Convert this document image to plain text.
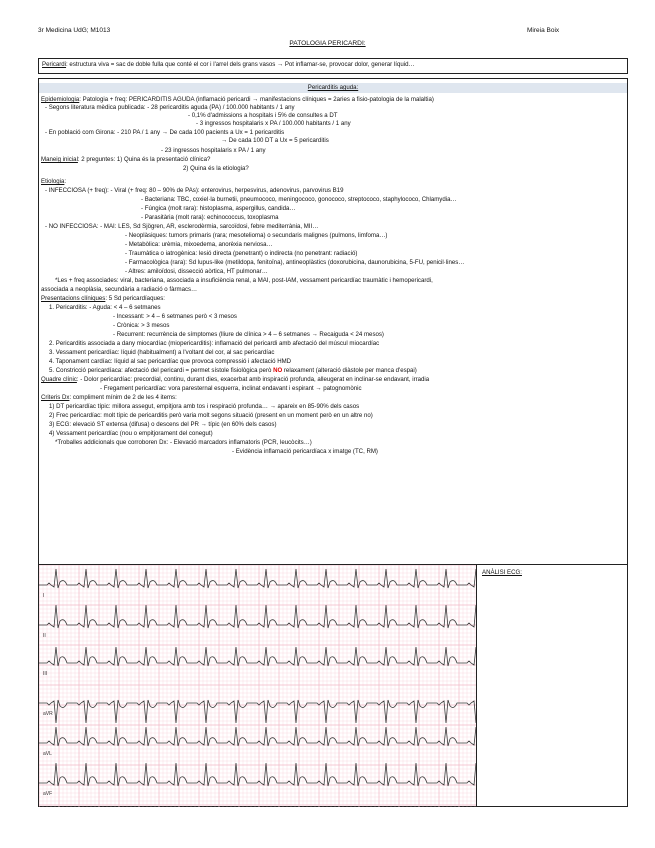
3r Medicina UdG; M1013	Mireia Boix
PATOLOGIA PERICARDI:
Pericardi: estructura viva = sac de doble fulla que conté el cor i l'arrel dels grans vasos → Pot inflamar-se, provocar dolor, generar líquid…
Pericarditis aguda:
Epidemiologia: Patologia + freq: PERICARDITIS AGUDA (inflamació pericardi → manifestacions clíniques = 2aries a fisio-patologia de la malaltia)
- Segons literatura mèdica publicada: - 28 pericarditis aguda (PA) / 100.000 habitants / 1 any
- 0,1% d'admissions a hospitals i 5% de consultes a DT
- 3 ingressos hospitalaris x PA / 100.000 habitants / 1 any
- En població com Girona: - 210 PA / 1 any → De cada 100 pacients a Ux = 1 pericarditis
→ De cada 100 DT a Ux = 5 pericarditis
- 23 ingressos hospitalaris x PA / 1 any
Maneig inicial: 2 preguntes: 1) Quina és la presentació clínica?
2) Quina és la etiologia?
Etiologia:
- INFECCIOSA (+ freq): - Viral (+ freq: 80 – 90% de PAs): enterovirus, herpesvirus, adenovirus, parvovirus B19
- Bacteriana: TBC, coxiel·la burnetii, pneumococo, meningococo, gonococo, streptococo, staphylococo, Chlamydia…
- Fúngica (molt rara): histoplasma, aspergillus, candida…
- Parasitària (molt rara): echinococcus, toxoplasma
- NO INFECCIOSA: - MAI: LES, Sd Sjögren, AR, esclerodèrmia, sarcoïdosi, febre mediterrània, MII…
- Neoplàsiques: tumors primaris (rara; mesotelioma) o secundaris malignes (pulmons, limfoma…)
- Metabòlica: urèmia, mixoedema, anorèxia nerviosa…
- Traumàtica o iatrogènica: lesió directa (penetrant) o indirecta (no penetrant: radiació)
- Farmacològica (rara): Sd lupus-like (metildopa, fenitoïna), antineoplàstics (doxorubicina, daunorubicina, 5-FU, penicil·lines…
- Altres: amiloïdosi, dissecció aòrtica, HT pulmonar…
*Les + freq associades: viral, bacteriana, associada a insuficiència renal, a MAI, post-IAM, vessament pericardíac traumàtic i hemopericardi,
associada a neoplàsia, secundària a radiació o fàrmacs…
Presentacions clíniques: 5 Sd pericardíaques:
1. Pericarditis: - Aguda: < 4 – 6 setmanes
- Incessant: > 4 – 6 setmanes però < 3 mesos
- Crònica: > 3 mesos
- Recurrent: recurrència de símptomes (lliure de clínica > 4 – 6 setmanes → Recaiguda < 24 mesos)
2. Pericarditis associada a dany miocardíac (miopericarditis): inflamació del pericardi amb afectació del múscul miocardíac
3. Vessament pericardíac: líquid (habitualment) a l'voltant del cor, al sac pericardíac
4. Taponament cardíac: líquid al sac pericardíac que provoca compressió i afectació HMD
5. Constricció pericardíaca: afectació del pericardi = permet sístole fisiològica però NO relaxament (alteració diàstole per manca d'espai)
Quadre clínic: - Dolor pericardíac: precordial, continu, durant dies, exacerbat amb inspiració profunda, alleugerat en inclinar-se endavant, irradia
- Fregament pericardíac: vora paresternal esquerra, inclinat endavant i espirant → patognomònic
Criteris Dx: compliment mínim de 2 de les 4 items:
1) DT pericardíac típic: millora assegut, empitjora amb tos i respiració profunda… → apareix en 85-90% dels casos
2) Frec pericardíac: molt típic de pericarditis però varia molt segons situació (present en un moment però en un altre no)
3) ECG: elevació ST extensa (difusa) o descens del PR → típic (en 60% dels casos)
4) Vessament pericardíac (nou o empitjorament del conegut)
*Troballes addicionals que corroboren Dx: - Elevació marcadors inflamatoris (PCR, leucòcits…)
- Evidència inflamació pericardíaca x imatge (TC, RM)
I
II
III
aVR
aVL
aVF
ANÀLISI ECG:
